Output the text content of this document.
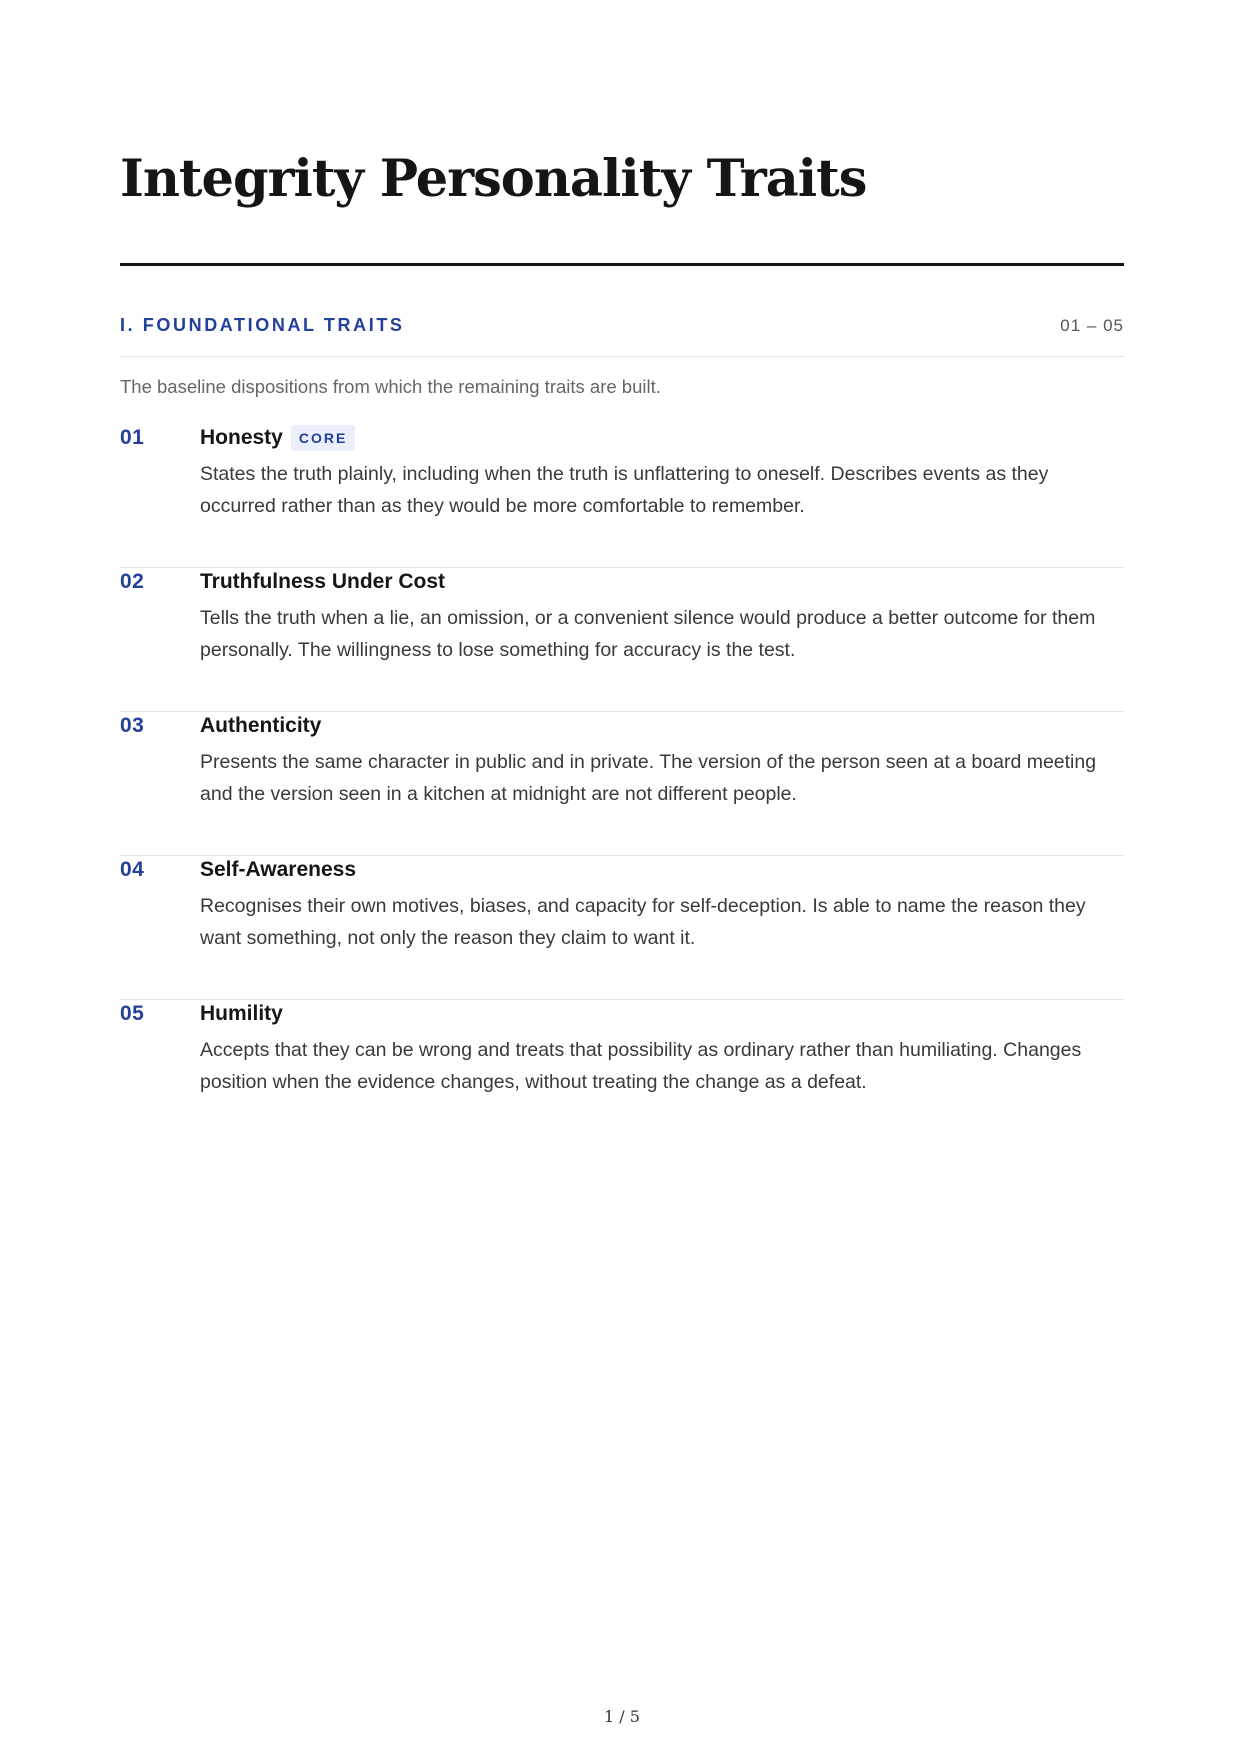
Integrity Personality Traits
I. FOUNDATIONAL TRAITS	01 – 05

The baseline dispositions from which the remaining traits are built.

01	Honesty CORE

States the truth plainly, including when the truth is unflattering to oneself. Describes events as they occurred rather than as they would be more comfortable to remember.

02	Truthfulness Under Cost

Tells the truth when a lie, an omission, or a convenient silence would produce a better outcome for them personally. The willingness to lose something for accuracy is the test.

03	Authenticity

Presents the same character in public and in private. The version of the person seen at a board meeting and the version seen in a kitchen at midnight are not different people.

04	Self-Awareness

Recognises their own motives, biases, and capacity for self-deception. Is able to name the reason they want something, not only the reason they claim to want it.

05	Humility

Accepts that they can be wrong and treats that possibility as ordinary rather than humiliating. Changes position when the evidence changes, without treating the change as a defeat.

1 / 5
